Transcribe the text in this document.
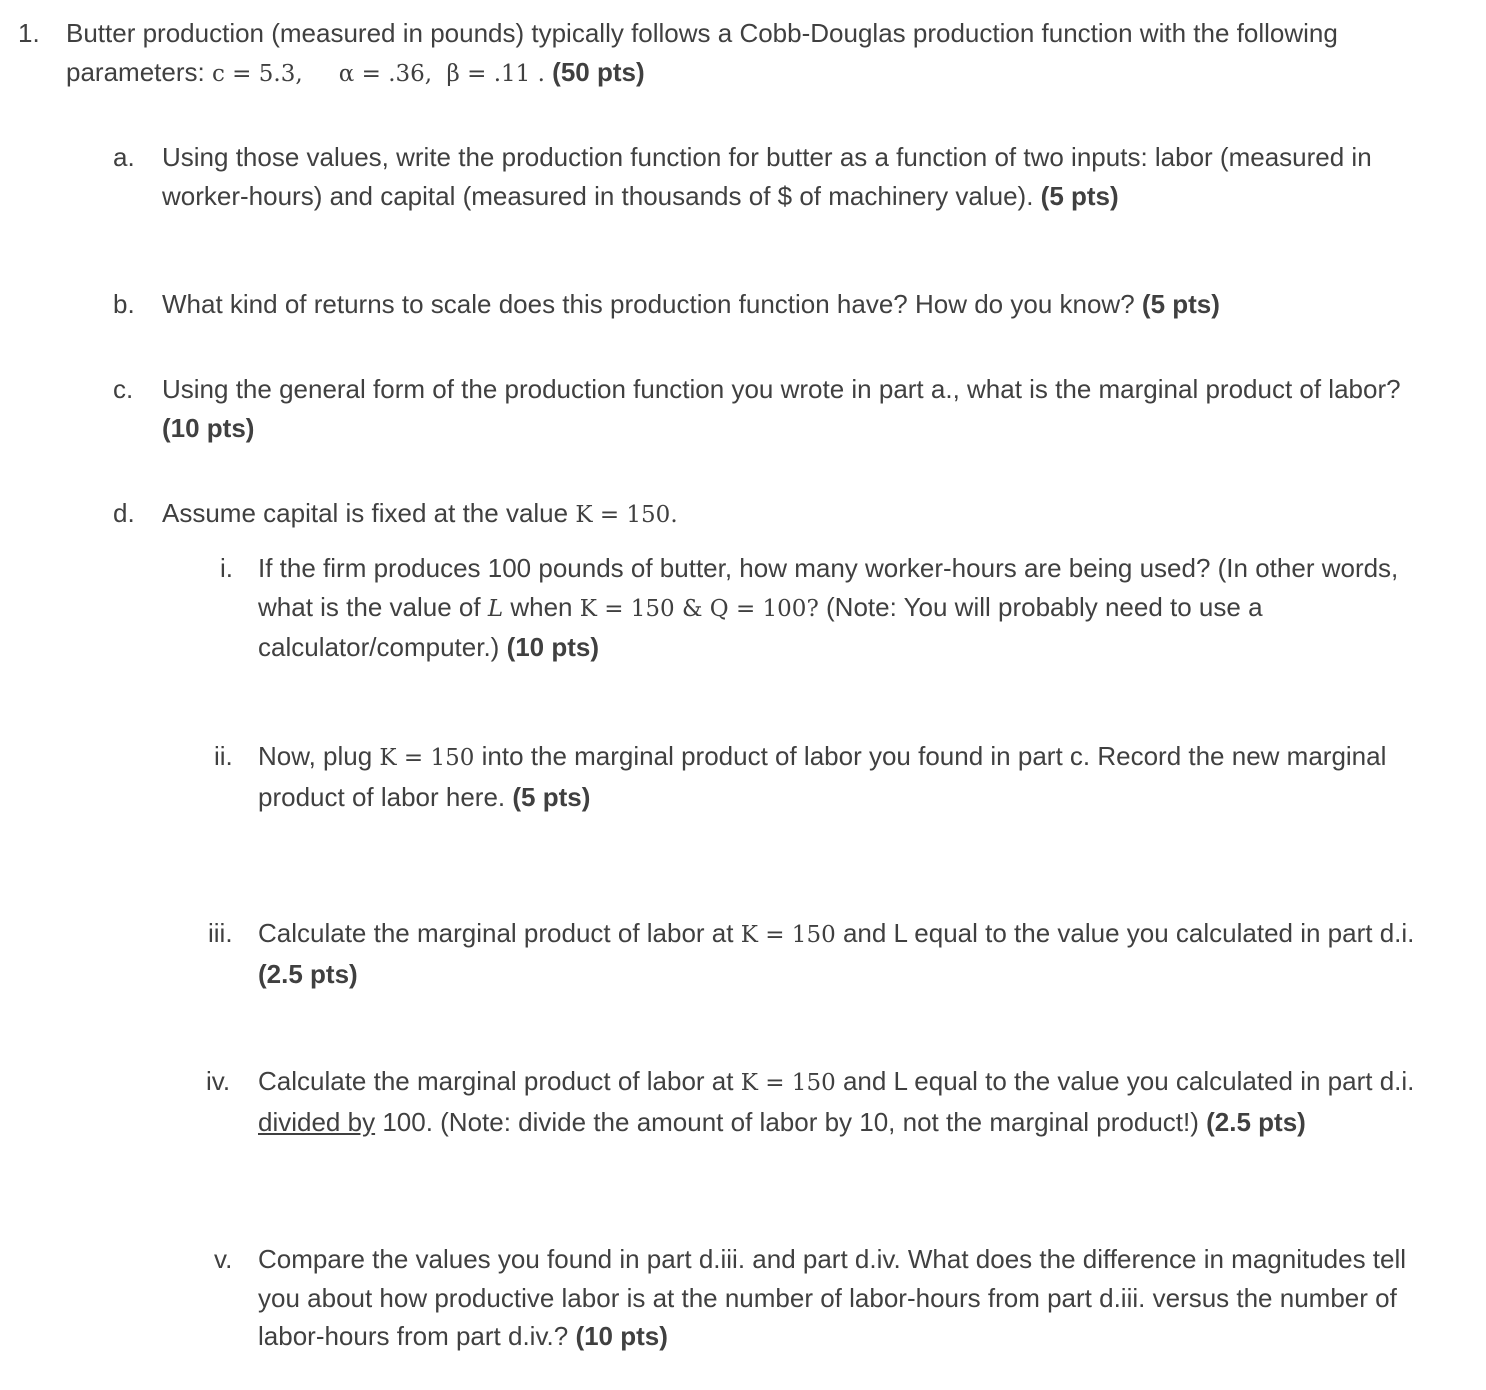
1. Butter production (measured in pounds) typically follows a Cobb-Douglas production function with the following
parameters: c = 5.3, α = .36, β = .11 . (50 pts)
a. Using those values, write the production function for butter as a function of two inputs: labor (measured in
worker-hours) and capital (measured in thousands of $ of machinery value). (5 pts)
b. What kind of returns to scale does this production function have? How do you know? (5 pts)
c. Using the general form of the production function you wrote in part a., what is the marginal product of labor?
(10 pts)
d. Assume capital is fixed at the value K = 150.
i. If the firm produces 100 pounds of butter, how many worker-hours are being used? (In other words,
what is the value of L when K = 150 & Q = 100? (Note: You will probably need to use a
calculator/computer.) (10 pts)
ii. Now, plug K = 150 into the marginal product of labor you found in part c. Record the new marginal
product of labor here. (5 pts)
iii. Calculate the marginal product of labor at K = 150 and L equal to the value you calculated in part d.i.
(2.5 pts)
iv. Calculate the marginal product of labor at K = 150 and L equal to the value you calculated in part d.i.
divided by 100. (Note: divide the amount of labor by 10, not the marginal product!) (2.5 pts)
v. Compare the values you found in part d.iii. and part d.iv. What does the difference in magnitudes tell
you about how productive labor is at the number of labor-hours from part d.iii. versus the number of
labor-hours from part d.iv.? (10 pts)
